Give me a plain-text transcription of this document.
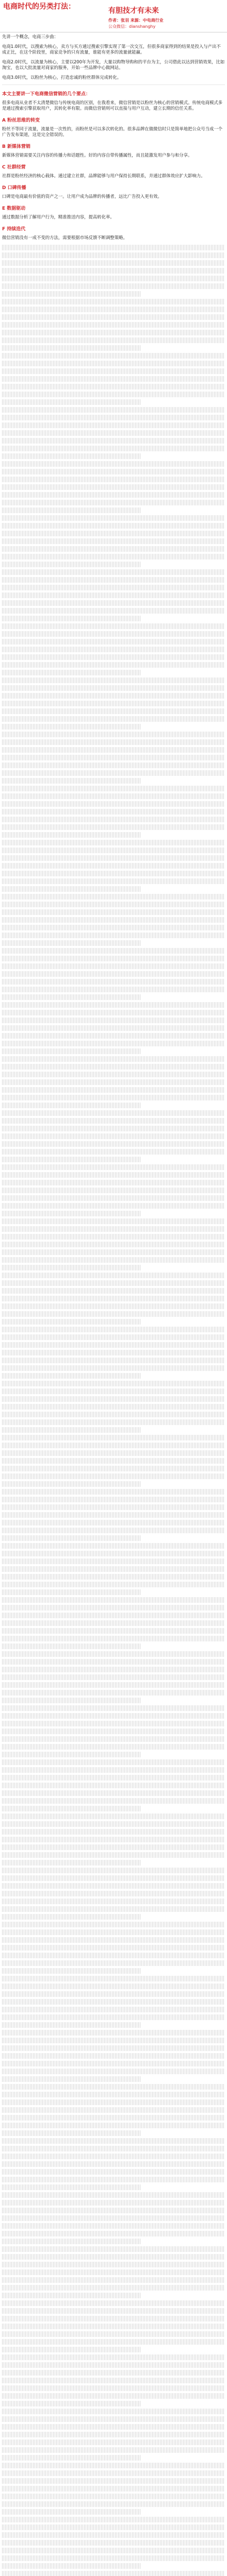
电商时代的另类打法：	有胆技才有未来
作者：张羽 来源：中电商行业
公众微信：dianshanghy
先讲一个概念，电商三步曲：
电商1.0时代，以搜索为核心，卖方与买方通过搜索引擎实现了第一次交互，但很多商家得到的结果是投入与产出不成正比，在这个阶段里，商家竞争的只有流量，谁能有更多的流量就能赢。
电商2.0时代，以流量为核心，主要以200年为开发，大量以购物导购和的平台为主，公司借此以达到营销效果，比如淘宝，也以大批流量对商家的服务，开始一些品牌中心做网站。
电商3.0时代，以粉丝为核心，打造忠诚的粉丝群体完成转化。
本文主要讲一下电商微信营销的几个要点：
很多电商从业者不太清楚微信与传统电商的区别，在我看来，微信营销是以粉丝为核心的营销模式。传统电商模式多是通过搜索引擎获取用户，其转化率有限。而微信营销则可以直接与用户互动，建立长期的信任关系。
A 粉丝思维的转变
粉丝不等同于流量，流量是一次性的，而粉丝是可以多次转化的。很多品牌在做微信时只是简单地把公众号当成一个广告发布渠道，这是完全错误的。
B 新媒体营销
新媒体营销需要关注内容的传播力和话题性。好的内容自带传播属性，而且能激发用户参与和分享。
C 社群经营
社群是粉丝经济的核心载体。通过建立社群，品牌能够与用户保持长期联系，并通过群体效应扩大影响力。
D 口碑传播
口碑是电商最有价值的资产之一。让用户成为品牌的传播者，远比广告投入更有效。
E 数据驱动
通过数据分析了解用户行为，精准推送内容，提高转化率。
F 持续迭代
微信营销没有一成不变的方法，需要根据市场反馈不断调整策略。
